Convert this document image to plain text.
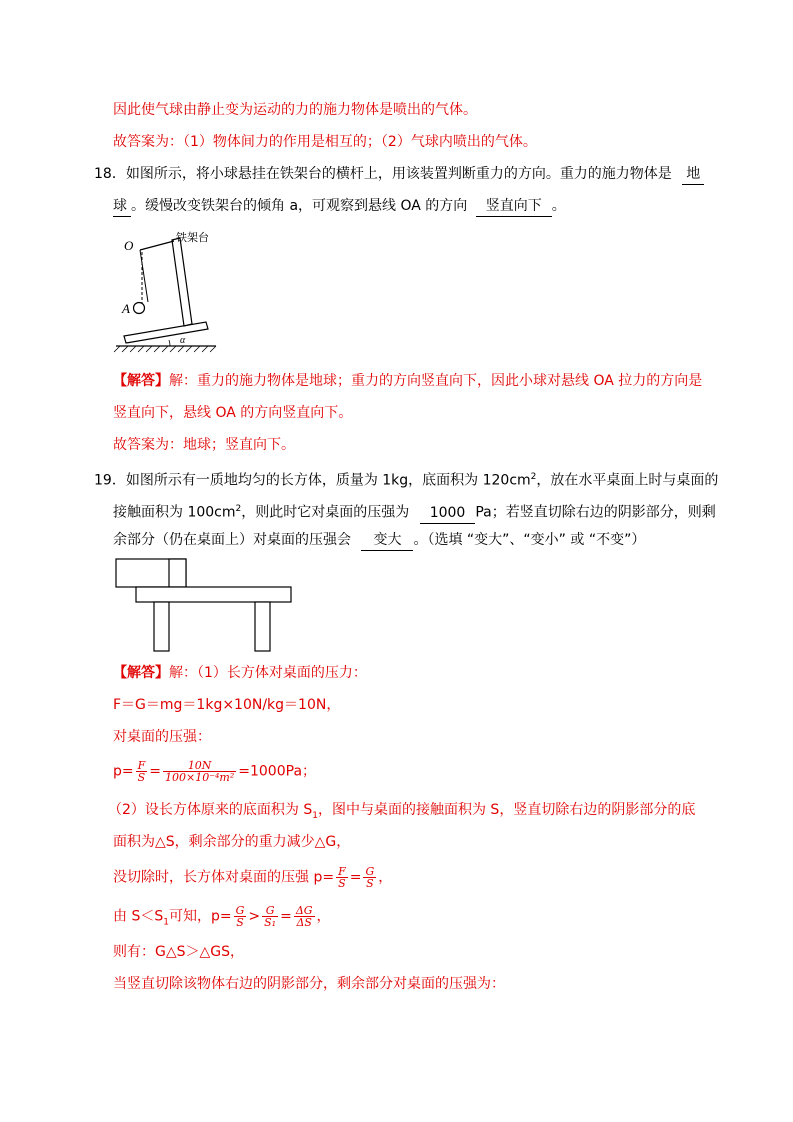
因此使气球由静止变为运动的力的施力物体是喷出的气体。
故答案为：（1）物体间力的作用是相互的；（2）气球内喷出的气体。
18．如图所示，将小球悬挂在铁架台的横杆上，用该装置判断重力的方向。重力的施力物体是 地
球 。缓慢改变铁架台的倾角 a，可观察到悬线 OA 的方向 竖直向下 。
O
A
铁架台
α
【解答】解：重力的施力物体是地球；重力的方向竖直向下，因此小球对悬线 OA 拉力的方向是
竖直向下，悬线 OA 的方向竖直向下。
故答案为：地球；竖直向下。
19．如图所示有一质地均匀的长方体，质量为 1kg，底面积为 $120cm^2$，放在水平桌面上时与桌面的
接触面积为 $100cm^2$，则此时它对桌面的压强为 1000 Pa；若竖直切除右边的阴影部分，则剩
余部分（仍在桌面上）对桌面的压强会 变大 。（选填 “变大”、“变小” 或 “不变”）
【解答】解：（1）长方体对桌面的压力：
F＝G＝mg＝1kg×10N/kg＝10N，
对桌面的压强：
$p= \frac{F}{S} = \frac{10N}{\text{100×10⁻⁴m²}} =1000Pa$；
（2）设长方体原来的底面积为 $S_1$，图中与桌面的接触面积为 S，竖直切除右边的阴影部分的底
面积为△S，剩余部分的重力减少△G，
没切除时，长方体对桌面的压强 $p= \frac{F}{S} = \frac{G}{S}$ ，
由 $S<S_1$可知，$p= \frac{G}{S} > \frac{G}{\text{S₁}} = \frac{\Delta G}{\Delta S}$ ，
则有：G△S＞△GS，
当竖直切除该物体右边的阴影部分，剩余部分对桌面的压强为：
